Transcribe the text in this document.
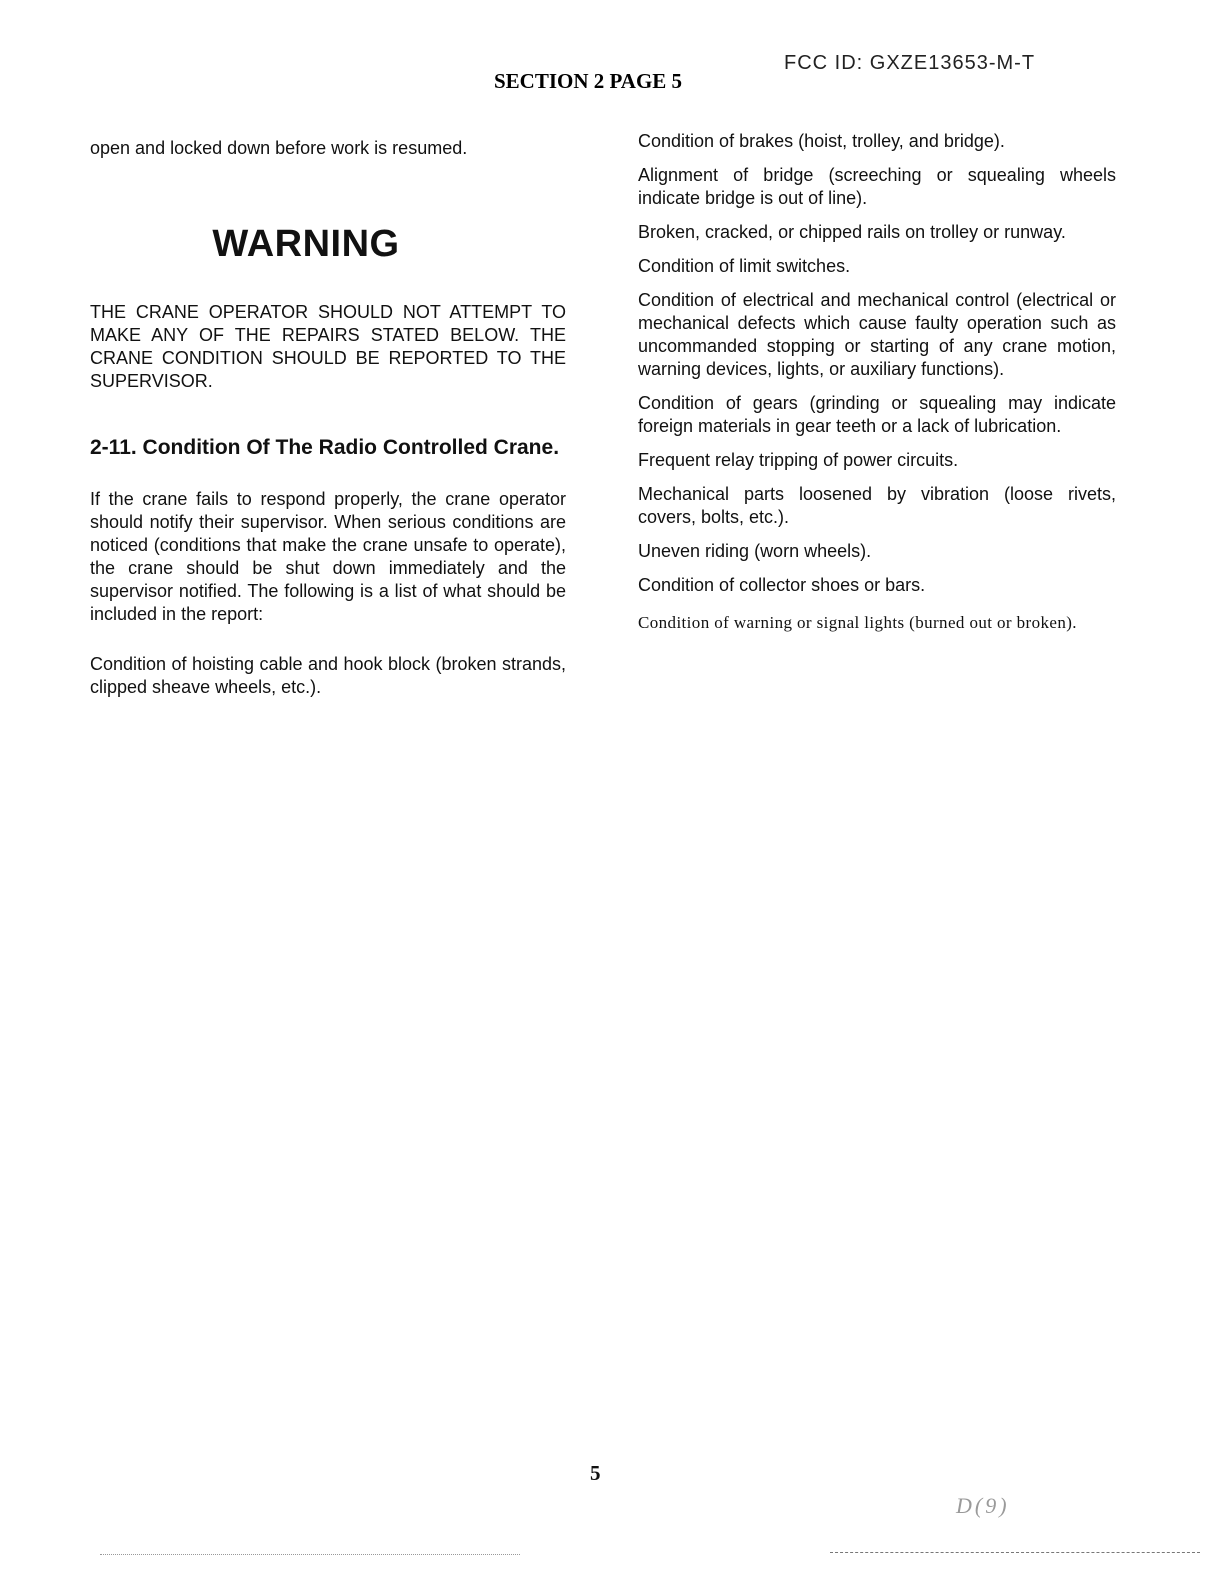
FCC ID: GXZE13653-M-T
SECTION 2 PAGE 5

open and locked down before work is resumed.

WARNING

THE CRANE OPERATOR SHOULD NOT ATTEMPT TO MAKE ANY OF THE REPAIRS STATED BELOW. THE CRANE CONDITION SHOULD BE REPORTED TO THE SUPERVISOR.

2-11. Condition Of The Radio Controlled Crane.

If the crane fails to respond properly, the crane operator should notify their supervisor. When serious conditions are noticed (conditions that make the crane unsafe to operate), the crane should be shut down immediately and the supervisor notified. The following is a list of what should be included in the report:

Condition of hoisting cable and hook block (broken strands, clipped sheave wheels, etc.).

Condition of brakes (hoist, trolley, and bridge).

Alignment of bridge (screeching or squealing wheels indicate bridge is out of line).

Broken, cracked, or chipped rails on trolley or runway.

Condition of limit switches.

Condition of electrical and mechanical control (electrical or mechanical defects which cause faulty operation such as uncommanded stopping or starting of any crane motion, warning devices, lights, or auxiliary functions).

Condition of gears (grinding or squealing may indicate foreign materials in gear teeth or a lack of lubrication.

Frequent relay tripping of power circuits.

Mechanical parts loosened by vibration (loose rivets, covers, bolts, etc.).

Uneven riding (worn wheels).

Condition of collector shoes or bars.

Condition of warning or signal lights (burned out or broken).

5
D(9)
